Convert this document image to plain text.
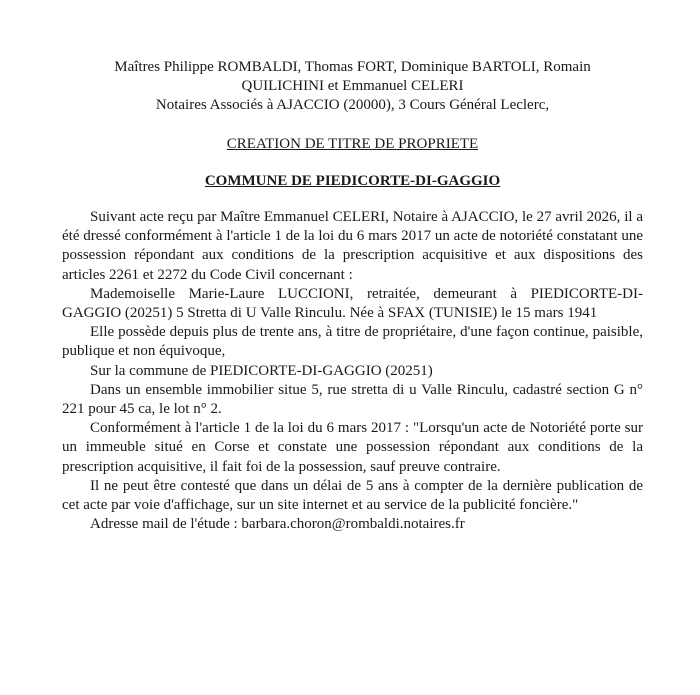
Maîtres Philippe ROMBALDI, Thomas FORT, Dominique BARTOLI, Romain
QUILICHINI et Emmanuel CELERI
Notaires Associés à AJACCIO (20000), 3 Cours Général Leclerc,
CREATION DE TITRE DE PROPRIETE
COMMUNE DE PIEDICORTE-DI-GAGGIO

Suivant acte reçu par Maître Emmanuel CELERI, Notaire à AJACCIO, le 27 avril 2026, il a été dressé conformément à l'article 1 de la loi du 6 mars 2017 un acte de notoriété constatant une possession répondant aux conditions de la prescription acquisitive et aux dispositions des articles 2261 et 2272 du Code Civil concernant :

Mademoiselle Marie-Laure LUCCIONI, retraitée, demeurant à PIEDICORTE-DI-GAGGIO (20251) 5 Stretta di U Valle Rinculu. Née à SFAX (TUNISIE) le 15 mars 1941

Elle possède depuis plus de trente ans, à titre de propriétaire, d'une façon continue, paisible, publique et non équivoque,

Sur la commune de PIEDICORTE-DI-GAGGIO (20251)

Dans un ensemble immobilier situe 5, rue stretta di u Valle Rinculu, cadastré section G n° 221 pour 45 ca, le lot n° 2.

Conformément à l'article 1 de la loi du 6 mars 2017 : "Lorsqu'un acte de Notoriété porte sur un immeuble situé en Corse et constate une possession répondant aux conditions de la prescription acquisitive, il fait foi de la possession, sauf preuve contraire.

Il ne peut être contesté que dans un délai de 5 ans à compter de la dernière publication de cet acte par voie d'affichage, sur un site internet et au service de la publicité foncière."

Adresse mail de l'étude : barbara.choron@rombaldi.notaires.fr
